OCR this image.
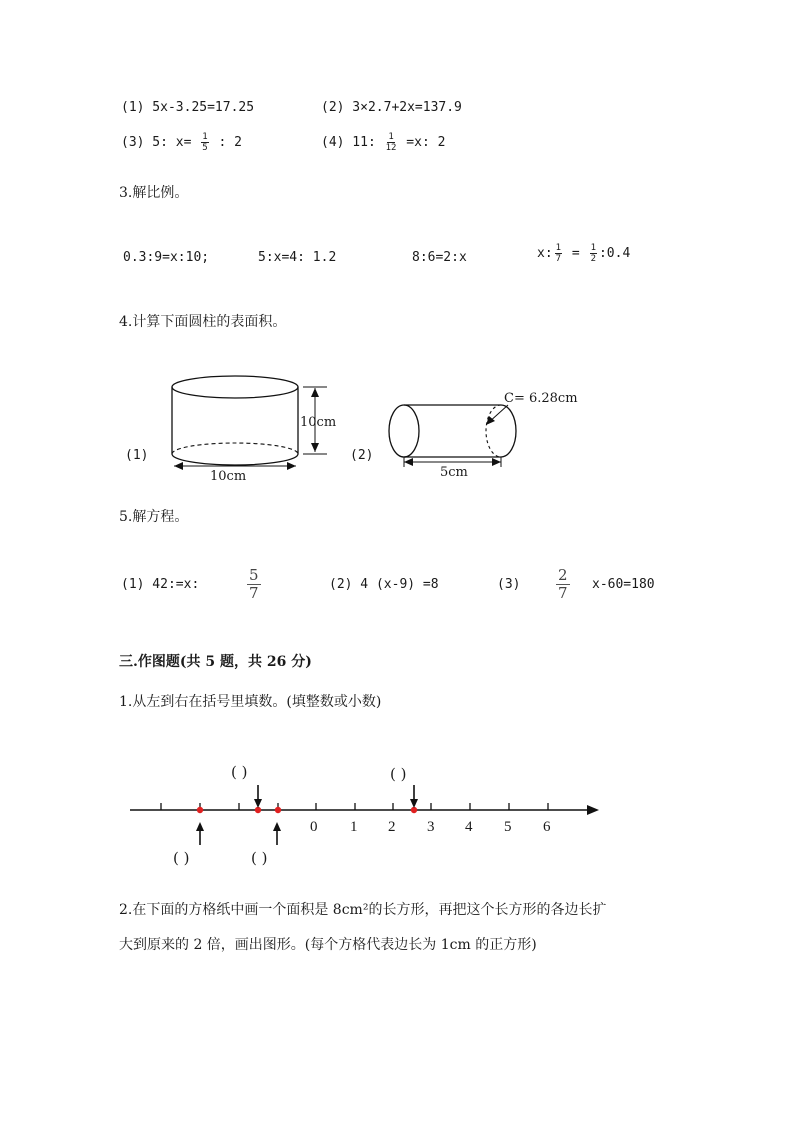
(1) 5x-3.25=17.25	(2) 3×2.7+2x=137.9
(3) 5: $x= \frac{1}{5}$ : 2	(4) 11: $\frac{1}{12} =x$: 2
3.解比例。
0.3:9=x:10;	5:x=4: 1.2	8:6=2:x	x: $\frac{1}{7} = \frac{1}{2}$ :0.4
4.计算下面圆柱的表面积。
(1)
10cm
10cm
(2)
C= 6.28cm
5cm
5.解方程。
(1) 42:=x:	$\frac{5}{7}$	(2) 4 (x-9) =8	$(3) \frac{2}{7} x-60=180$
三.作图题(共 5 题，共 26 分)
1.从左到右在括号里填数。(填整数或小数)
0 1 2 3 4 5 6
( )	( )
( )	( )
2.在下面的方格纸中画一个面积是 8cm²的长方形，再把这个长方形的各边长扩
大到原来的 2 倍，画出图形。(每个方格代表边长为 1cm 的正方形)
